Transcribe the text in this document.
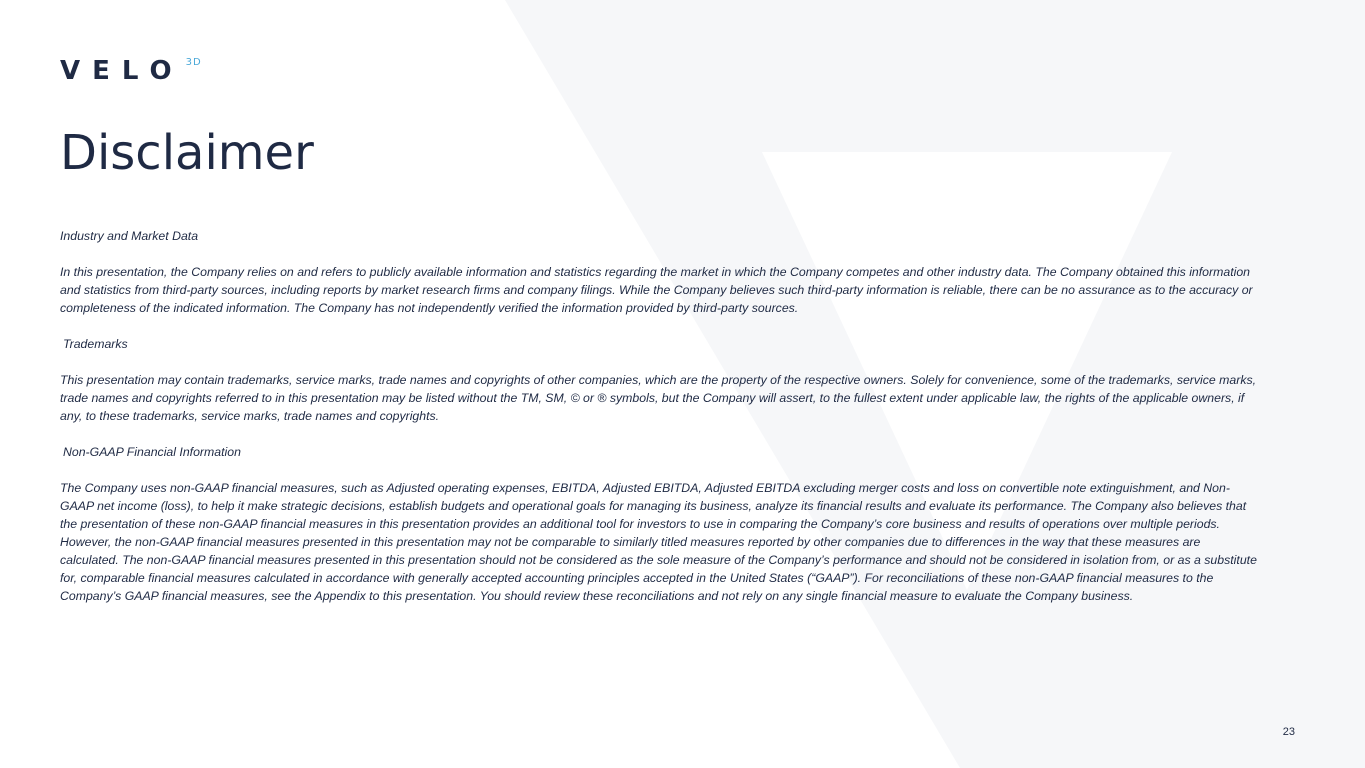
VELO 3D
Disclaimer

Industry and Market Data

In this presentation, the Company relies on and refers to publicly available information and statistics regarding the market in which the Company competes and other industry data. The Company obtained this information and statistics from third-party sources, including reports by market research firms and company filings. While the Company believes such third-party information is reliable, there can be no assurance as to the accuracy or completeness of the indicated information. The Company has not independently verified the information provided by third-party sources.

Trademarks

This presentation may contain trademarks, service marks, trade names and copyrights of other companies, which are the property of the respective owners. Solely for convenience, some of the trademarks, service marks, trade names and copyrights referred to in this presentation may be listed without the TM, SM, © or ® symbols, but the Company will assert, to the fullest extent under applicable law, the rights of the applicable owners, if any, to these trademarks, service marks, trade names and copyrights.

Non-GAAP Financial Information

The Company uses non-GAAP financial measures, such as Adjusted operating expenses, EBITDA, Adjusted EBITDA, Adjusted EBITDA excluding merger costs and loss on convertible note extinguishment, and Non-GAAP net income (loss), to help it make strategic decisions, establish budgets and operational goals for managing its business, analyze its financial results and evaluate its performance. The Company also believes that the presentation of these non-GAAP financial measures in this presentation provides an additional tool for investors to use in comparing the Company’s core business and results of operations over multiple periods. However, the non-GAAP financial measures presented in this presentation may not be comparable to similarly titled measures reported by other companies due to differences in the way that these measures are calculated. The non-GAAP financial measures presented in this presentation should not be considered as the sole measure of the Company’s performance and should not be considered in isolation from, or as a substitute for, comparable financial measures calculated in accordance with generally accepted accounting principles accepted in the United States (“GAAP”). For reconciliations of these non-GAAP financial measures to the Company’s GAAP financial measures, see the Appendix to this presentation. You should review these reconciliations and not rely on any single financial measure to evaluate the Company business.

23
